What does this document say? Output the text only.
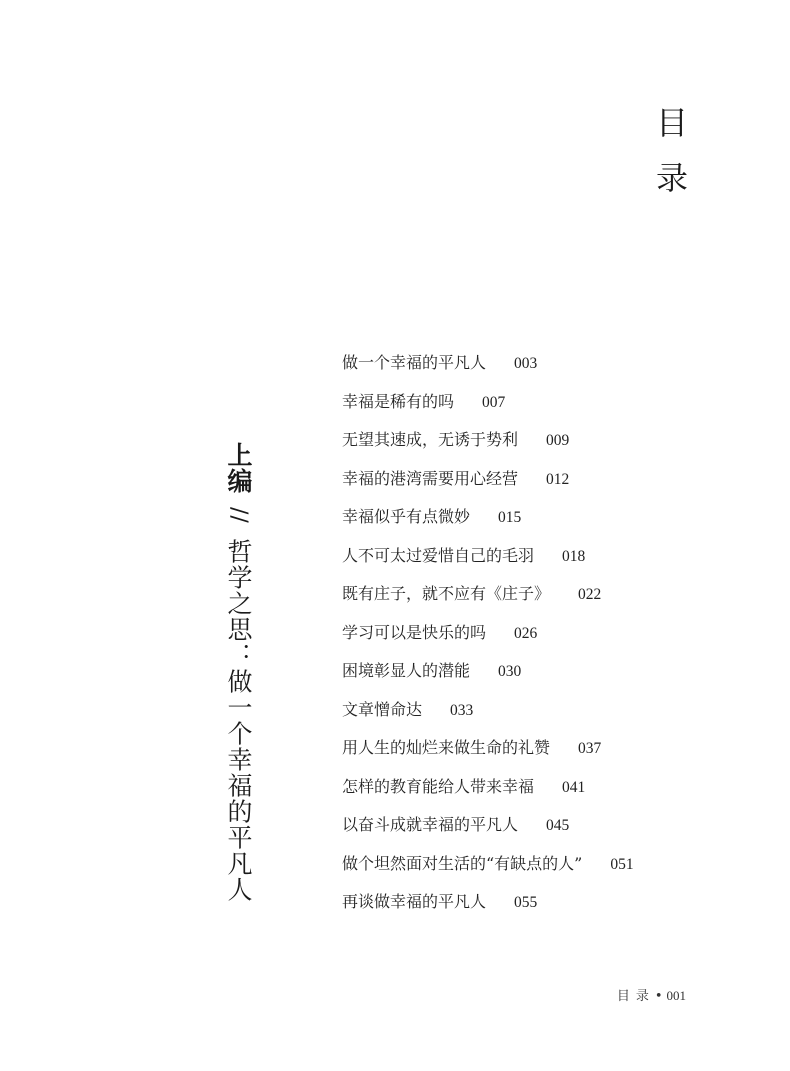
目
录
上编 // 哲学之思：做一个幸福的平凡人
做一个幸福的平凡人 003
幸福是稀有的吗 007
无望其速成，无诱于势利 009
幸福的港湾需要用心经营 012
幸福似乎有点微妙 015
人不可太过爱惜自己的毛羽 018
既有庄子，就不应有《庄子》 022
学习可以是快乐的吗 026
困境彰显人的潜能 030
文章憎命达 033
用人生的灿烂来做生命的礼赞 037
怎样的教育能给人带来幸福 041
以奋斗成就幸福的平凡人 045
做个坦然面对生活的“有缺点的人” 051
再谈做幸福的平凡人 055
目录• 001
